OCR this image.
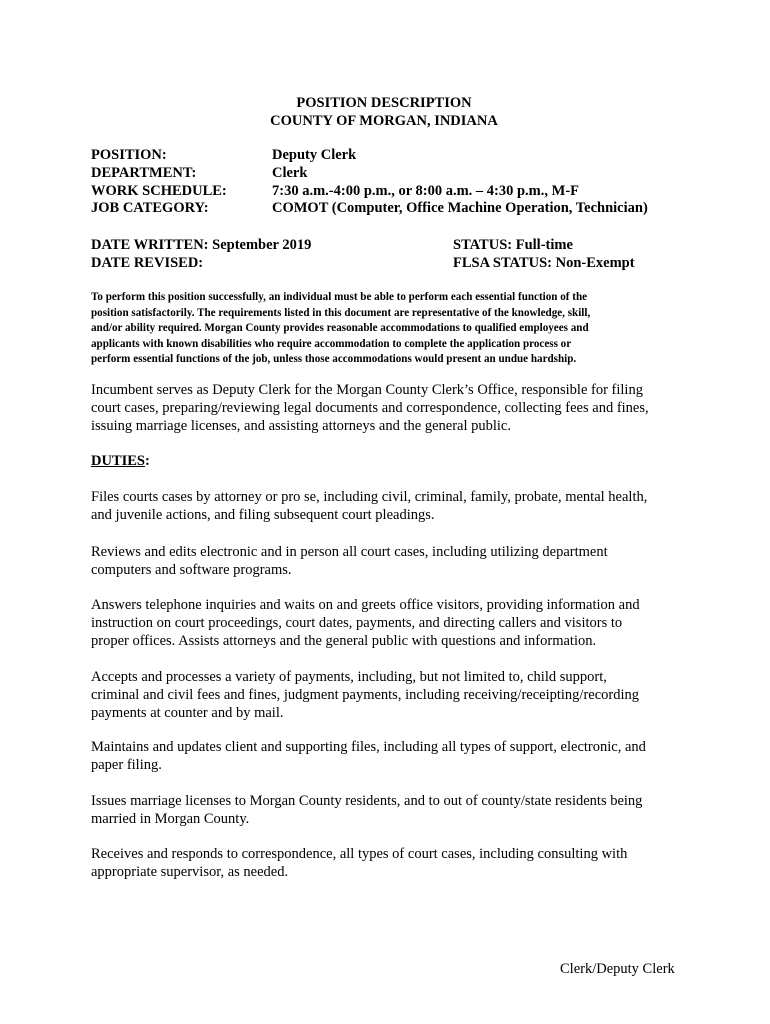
POSITION DESCRIPTION
COUNTY OF MORGAN, INDIANA
POSITION:	Deputy Clerk
DEPARTMENT:	Clerk
WORK SCHEDULE:	7:30 a.m.-4:00 p.m., or 8:00 a.m. – 4:30 p.m., M-F
JOB CATEGORY:	COMOT (Computer, Office Machine Operation, Technician)
DATE WRITTEN: September 2019	STATUS: Full-time
DATE REVISED:	FLSA STATUS: Non-Exempt
To perform this position successfully, an individual must be able to perform each essential function of the
position satisfactorily. The requirements listed in this document are representative of the knowledge, skill,
and/or ability required. Morgan County provides reasonable accommodations to qualified employees and
applicants with known disabilities who require accommodation to complete the application process or
perform essential functions of the job, unless those accommodations would present an undue hardship.
Incumbent serves as Deputy Clerk for the Morgan County Clerk’s Office, responsible for filing
court cases, preparing/reviewing legal documents and correspondence, collecting fees and fines,
issuing marriage licenses, and assisting attorneys and the general public.
DUTIES:
Files courts cases by attorney or pro se, including civil, criminal, family, probate, mental health,
and juvenile actions, and filing subsequent court pleadings.
Reviews and edits electronic and in person all court cases, including utilizing department
computers and software programs.
Answers telephone inquiries and waits on and greets office visitors, providing information and
instruction on court proceedings, court dates, payments, and directing callers and visitors to
proper offices. Assists attorneys and the general public with questions and information.
Accepts and processes a variety of payments, including, but not limited to, child support,
criminal and civil fees and fines, judgment payments, including receiving/receipting/recording
payments at counter and by mail.
Maintains and updates client and supporting files, including all types of support, electronic, and
paper filing.
Issues marriage licenses to Morgan County residents, and to out of county/state residents being
married in Morgan County.
Receives and responds to correspondence, all types of court cases, including consulting with
appropriate supervisor, as needed.
Clerk/Deputy Clerk
